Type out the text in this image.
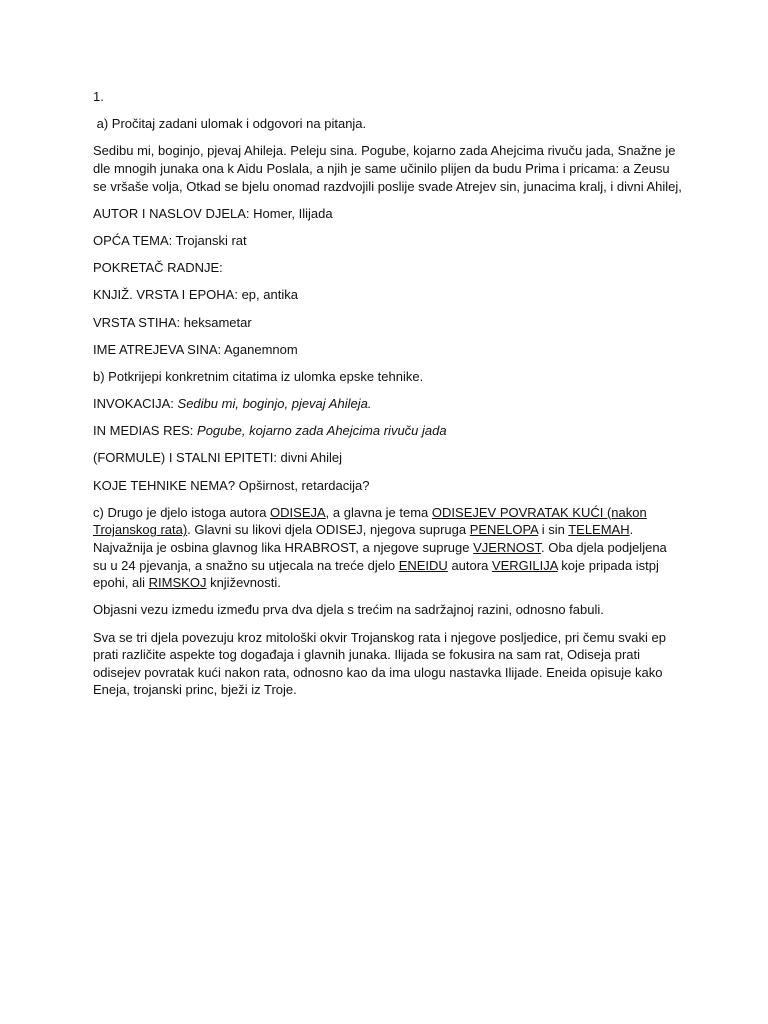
1.

a) Pročitaj zadani ulomak i odgovori na pitanja.

Sedibu mi, boginjo, pjevaj Ahileja. Peleju sina. Pogube, kojarno zada Ahejcima rivuču jada, Snažne je dle mnogih junaka ona k Aidu Poslala, a njih je same učinilo plijen da budu Prima i pricama: a Zeusu se vršaše volja, Otkad se bjelu onomad razdvojili poslije svade Atrejev sin, junacima kralj, i divni Ahilej,

AUTOR I NASLOV DJELA: Homer, Ilijada

OPĆA TEMA: Trojanski rat

POKRETAČ RADNJE:

KNJIŽ. VRSTA I EPOHA: ep, antika

VRSTA STIHA: heksametar

IME ATREJEVA SINA: Aganemnom

b) Potkrijepi konkretnim citatima iz ulomka epske tehnike.

INVOKACIJA: Sedibu mi, boginjo, pjevaj Ahileja.

IN MEDIAS RES: Pogube, kojarno zada Ahejcima rivuču jada

(FORMULE) I STALNI EPITETI: divni Ahilej

KOJE TEHNIKE NEMA? Opširnost, retardacija?

c) Drugo je djelo istoga autora ODISEJA, a glavna je tema ODISEJEV POVRATAK KUĆI (nakon Trojanskog rata). Glavni su likovi djela ODISEJ, njegova supruga PENELOPA i sin TELEMAH. Najvažnija je osbina glavnog lika HRABROST, a njegove supruge VJERNOST. Oba djela podjeljena su u 24 pjevanja, a snažno su utjecala na treće djelo ENEIDU autora VERGILIJA koje pripada istpj epohi, ali RIMSKOJ književnosti.

Objasni vezu izmedu između prva dva djela s trećim na sadržajnoj razini, odnosno fabuli.

Sva se tri djela povezuju kroz mitološki okvir Trojanskog rata i njegove posljedice, pri čemu svaki ep prati različite aspekte tog događaja i glavnih junaka. Ilijada se fokusira na sam rat, Odiseja prati odisejev povratak kući nakon rata, odnosno kao da ima ulogu nastavka Ilijade. Eneida opisuje kako Eneja, trojanski princ, bježi iz Troje.
